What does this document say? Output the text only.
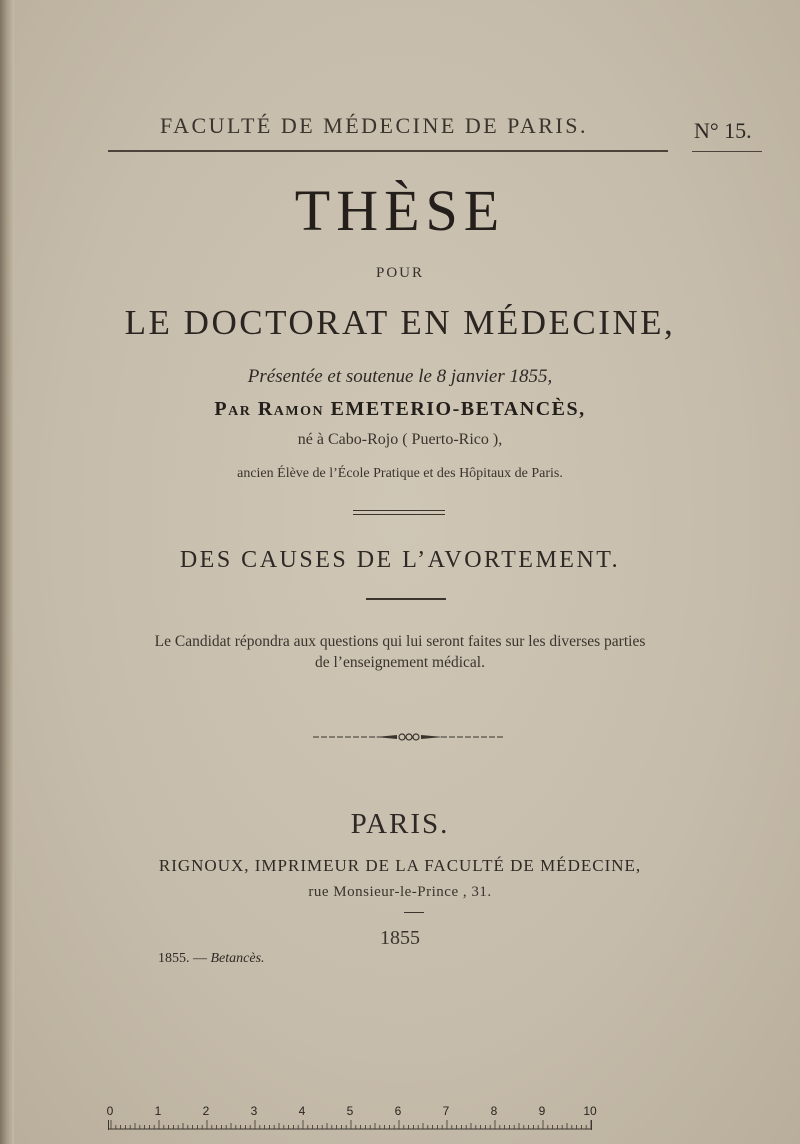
FACULTÉ DE MÉDECINE DE PARIS.	N° 15.
THÈSE
POUR
LE DOCTORAT EN MÉDECINE,
Présentée et soutenue le 8 janvier 1855,
Par Ramon EMETERIO-BETANCÈS,
né à Cabo-Rojo ( Puerto-Rico ),
ancien Élève de l’École Pratique et des Hôpitaux de Paris.
DES CAUSES DE L’AVORTEMENT.
Le Candidat répondra aux questions qui lui seront faites sur les diverses parties
de l’enseignement médical.
PARIS.
RIGNOUX, IMPRIMEUR DE LA FACULTÉ DE MÉDECINE,
rue Monsieur-le-Prince , 31.
1855
1855. — Betancès.
0	1	2	3	4	5	6	7	8	9	10
